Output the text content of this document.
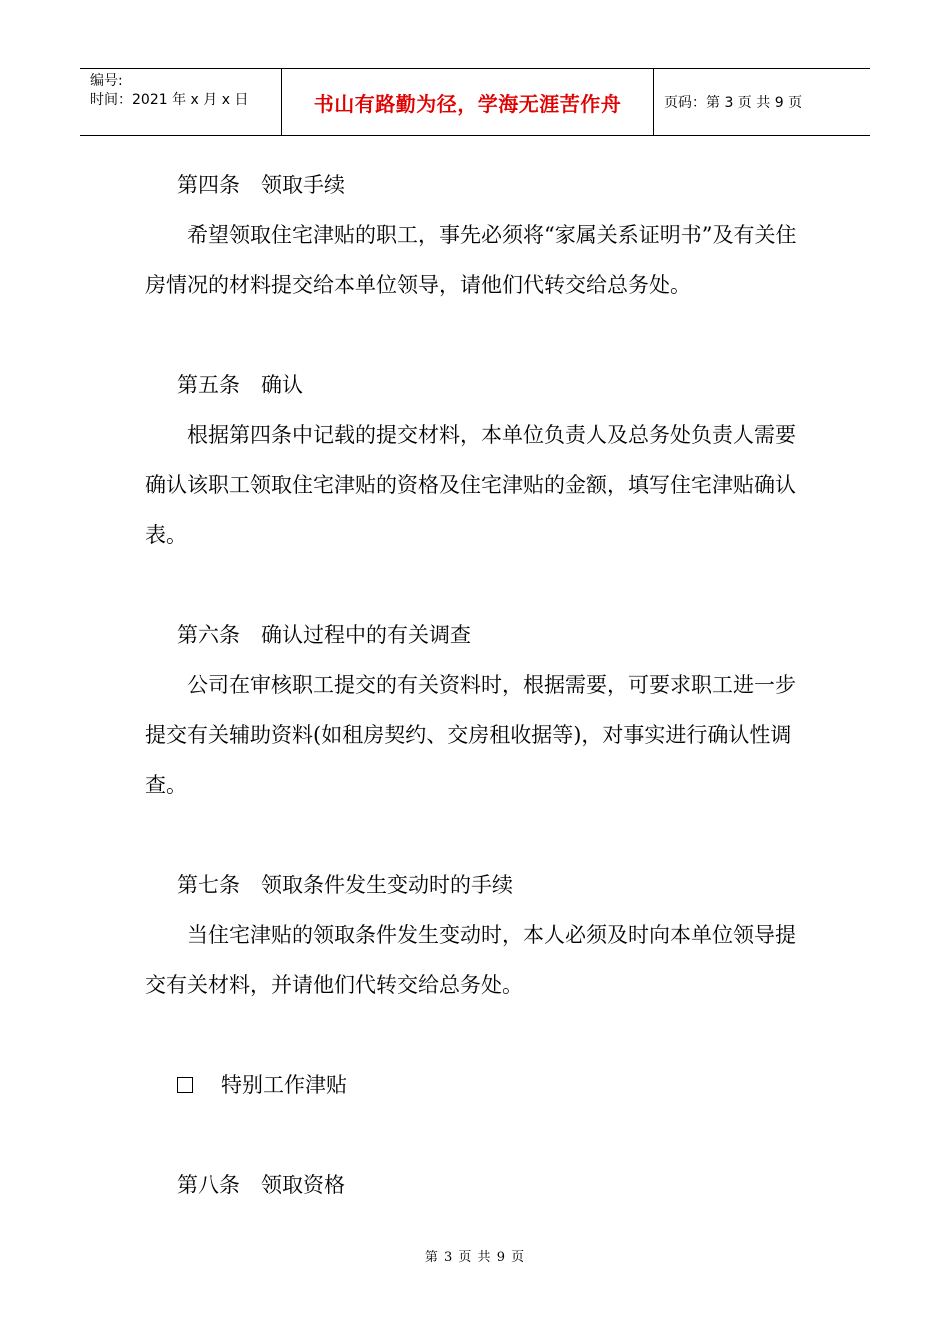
编号:
时间：2021 年 x 月 x 日	书山有路勤为径，学海无涯苦作舟	页码：第 3 页 共 9 页

第四条　领取手续

希望领取住宅津贴的职工，事先必须将“家属关系证明书”及有关住房情况的材料提交给本单位领导，请他们代转交给总务处。

第五条　确认

根据第四条中记载的提交材料，本单位负责人及总务处负责人需要确认该职工领取住宅津贴的资格及住宅津贴的金额，填写住宅津贴确认表。

第六条　确认过程中的有关调查

公司在审核职工提交的有关资料时，根据需要，可要求职工进一步提交有关辅助资料(如租房契约、交房租收据等)，对事实进行确认性调查。

第七条　领取条件发生变动时的手续

当住宅津贴的领取条件发生变动时，本人必须及时向本单位领导提交有关材料，并请他们代转交给总务处。

特别工作津贴

第八条　领取资格

第 3 页 共 9 页
